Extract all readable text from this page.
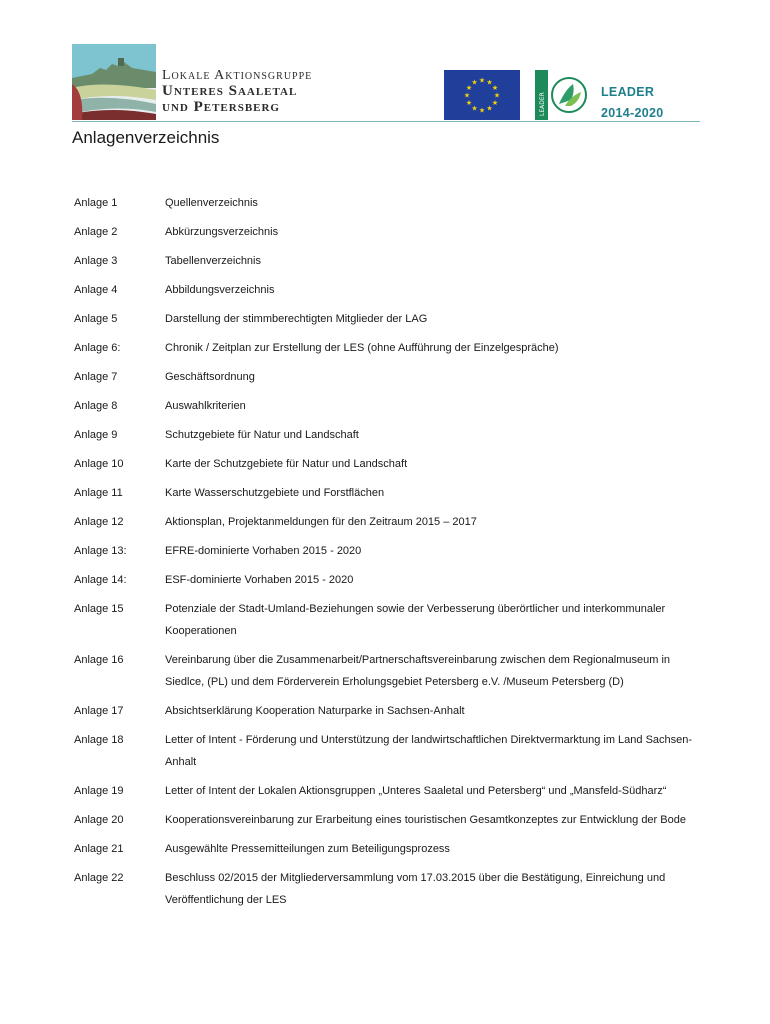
Lokale Aktionsgruppe
Unteres Saaletal
und Petersberg
★
★
★
★
★
★
★
★
★ ★ ★
★
LEADER
LEADER
2014-2020
Anlagenverzeichnis
Anlage 1	Quellenverzeichnis
Anlage 2	Abkürzungsverzeichnis
Anlage 3	Tabellenverzeichnis
Anlage 4	Abbildungsverzeichnis
Anlage 5	Darstellung der stimmberechtigten Mitglieder der LAG
Anlage 6:	Chronik / Zeitplan zur Erstellung der LES (ohne Aufführung der Einzelgespräche)
Anlage 7	Geschäftsordnung
Anlage 8	Auswahlkriterien
Anlage 9	Schutzgebiete für Natur und Landschaft
Anlage 10	Karte der Schutzgebiete für Natur und Landschaft
Anlage 11	Karte Wasserschutzgebiete und Forstflächen
Anlage 12	Aktionsplan, Projektanmeldungen für den Zeitraum 2015 – 2017
Anlage 13:	EFRE-dominierte Vorhaben 2015 - 2020
Anlage 14:	ESF-dominierte Vorhaben 2015 - 2020
Anlage 15	Potenziale der Stadt-Umland-Beziehungen sowie der Verbesserung überörtlicher und interkommunaler Kooperationen
Anlage 16	Vereinbarung über die Zusammenarbeit/Partnerschaftsvereinbarung zwischen dem Regionalmuseum in Siedlce, (PL) und dem Förderverein Erholungsgebiet Petersberg e.V. /Museum Petersberg (D)
Anlage 17	Absichtserklärung Kooperation Naturparke in Sachsen-Anhalt
Anlage 18	Letter of Intent - Förderung und Unterstützung der landwirtschaftlichen Direktvermarktung im Land Sachsen-Anhalt
Anlage 19	Letter of Intent der Lokalen Aktionsgruppen „Unteres Saaletal und Petersberg“ und „Mansfeld-Südharz“
Anlage 20	Kooperationsvereinbarung zur Erarbeitung eines touristischen Gesamtkonzeptes zur Entwicklung der Bode
Anlage 21	Ausgewählte Pressemitteilungen zum Beteiligungsprozess
Anlage 22	Beschluss 02/2015 der Mitgliederversammlung vom 17.03.2015 über die Bestätigung, Einreichung und Veröffentlichung der LES
